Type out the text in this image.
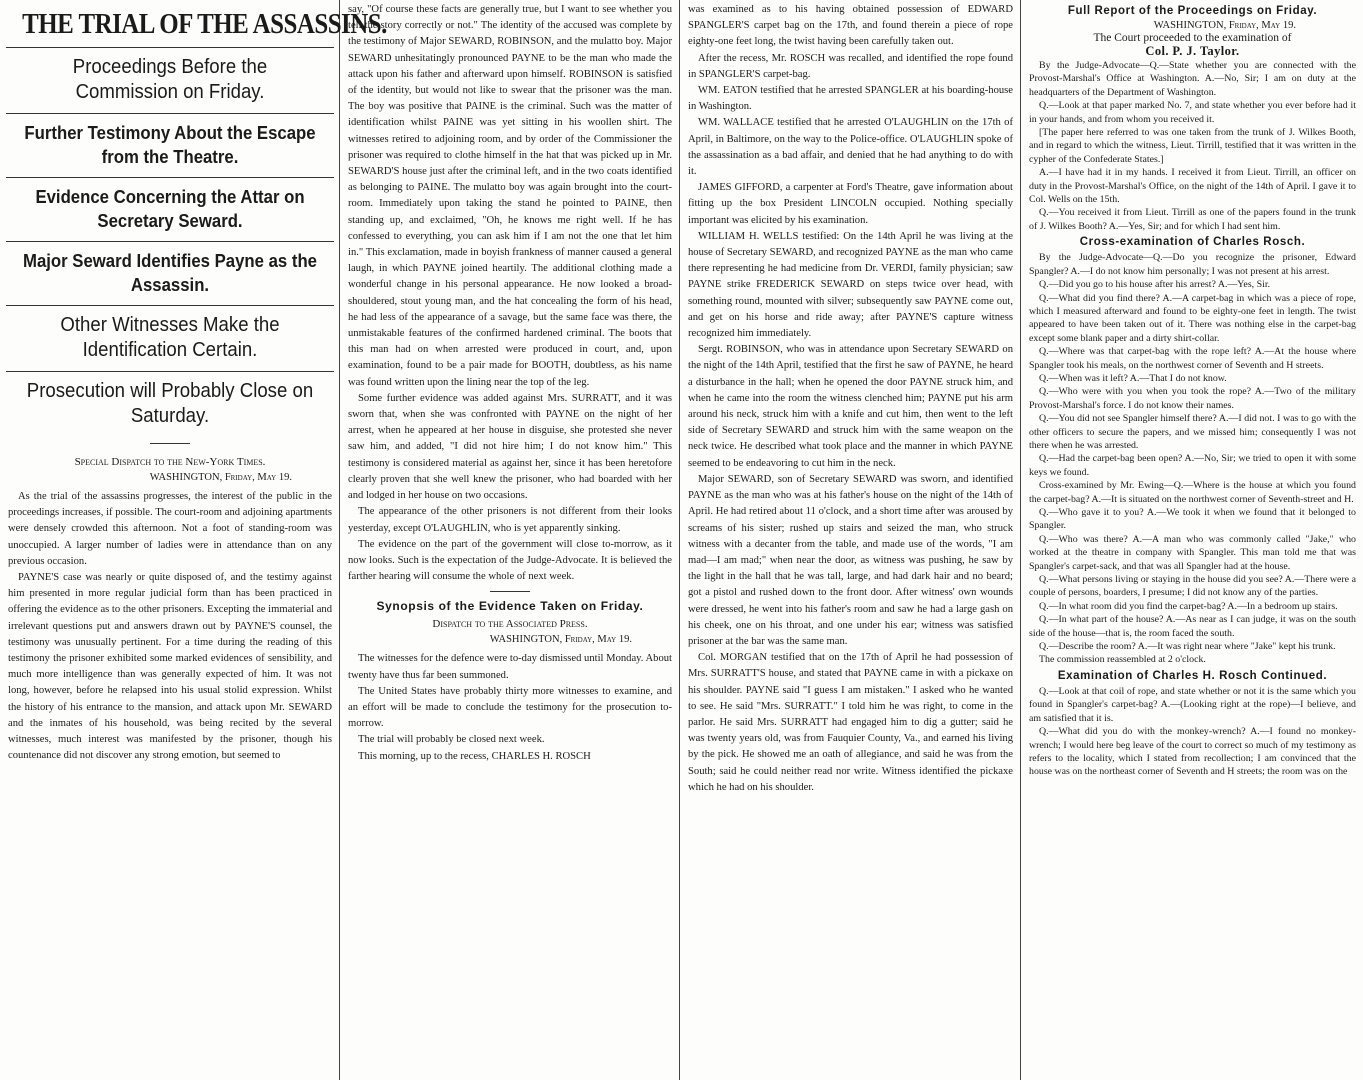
THE TRIAL OF THE ASSASSINS.
Proceedings Before the Commission on Friday.
Further Testimony About the Escape from the Theatre.
Evidence Concerning the Attar on Secretary Seward.
Major Seward Identifies Payne as the Assassin.
Other Witnesses Make the Identification Certain.
Prosecution will Probably Close on Saturday.
Special Dispatch to the New-York Times.
WASHINGTON, Friday, May 19.

As the trial of the assassins progresses, the interest of the public in the proceedings increases, if possible. The court-room and adjoining apartments were densely crowded this afternoon. Not a foot of standing-room was unoccupied. A larger number of ladies were in attendance than on any previous occasion.

PAYNE'S case was nearly or quite disposed of, and the testimy against him presented in more regular judicial form than has been practiced in offering the evidence as to the other prisoners. Excepting the immaterial and irrelevant questions put and answers drawn out by PAYNE'S counsel, the testimony was unusually pertinent. For a time during the reading of this testimony the prisoner exhibited some marked evidences of sensibility, and much more intelligence than was generally expected of him. It was not long, however, before he relapsed into his usual stolid expression. Whilst the history of his entrance to the mansion, and attack upon Mr. SEWARD and the inmates of his household, was being recited by the several witnesses, much interest was manifested by the prisoner, though his countenance did not discover any strong emotion, but seemed to

say, "Of course these facts are generally true, but I want to see whether you tell the story correctly or not." The identity of the accused was complete by the testimony of Major SEWARD, ROBINSON, and the mulatto boy. Major SEWARD unhesitatingly pronounced PAYNE to be the man who made the attack upon his father and afterward upon himself. ROBINSON is satisfied of the identity, but would not like to swear that the prisoner was the man. The boy was positive that PAINE is the criminal. Such was the matter of identification whilst PAINE was yet sitting in his woollen shirt. The witnesses retired to adjoining room, and by order of the Commissioner the prisoner was required to clothe himself in the hat that was picked up in Mr. SEWARD'S house just after the criminal left, and in the two coats identified as belonging to PAINE. The mulatto boy was again brought into the court-room. Immediately upon taking the stand he pointed to PAINE, then standing up, and exclaimed, "Oh, he knows me right well. If he has confessed to everything, you can ask him if I am not the one that let him in." This exclamation, made in boyish frankness of manner caused a general laugh, in which PAYNE joined heartily. The additional clothing made a wonderful change in his personal appearance. He now looked a broad-shouldered, stout young man, and the hat concealing the form of his head, he had less of the appearance of a savage, but the same face was there, the unmistakable features of the confirmed hardened criminal. The boots that this man had on when arrested were produced in court, and, upon examination, found to be a pair made for BOOTH, doubtless, as his name was found written upon the lining near the top of the leg.

Some further evidence was added against Mrs. SURRATT, and it was sworn that, when she was confronted with PAYNE on the night of her arrest, when he appeared at her house in disguise, she protested she never saw him, and added, "I did not hire him; I do not know him." This testimony is considered material as against her, since it has been heretofore clearly proven that she well knew the prisoner, who had boarded with her and lodged in her house on two occasions.

The appearance of the other prisoners is not different from their looks yesterday, except O'LAUGHLIN, who is yet apparently sinking.

The evidence on the part of the government will close to-morrow, as it now looks. Such is the expectation of the Judge-Advocate. It is believed the farther hearing will consume the whole of next week.

Synopsis of the Evidence Taken on Friday.
Dispatch to the Associated Press.
WASHINGTON, Friday, May 19.

The witnesses for the defence were to-day dismissed until Monday. About twenty have thus far been summoned.

The United States have probably thirty more witnesses to examine, and an effort will be made to conclude the testimony for the prosecution to-morrow.

The trial will probably be closed next week.

This morning, up to the recess, CHARLES H. ROSCH

was examined as to his having obtained possession of EDWARD SPANGLER'S carpet bag on the 17th, and found therein a piece of rope eighty-one feet long, the twist having been carefully taken out.

After the recess, Mr. ROSCH was recalled, and identified the rope found in SPANGLER'S carpet-bag.

WM. EATON testified that he arrested SPANGLER at his boarding-house in Washington.

WM. WALLACE testified that he arrested O'LAUGHLIN on the 17th of April, in Baltimore, on the way to the Police-office. O'LAUGHLIN spoke of the assassination as a bad affair, and denied that he had anything to do with it.

JAMES GIFFORD, a carpenter at Ford's Theatre, gave information about fitting up the box President LINCOLN occupied. Nothing specially important was elicited by his examination.

WILLIAM H. WELLS testified: On the 14th April he was living at the house of Secretary SEWARD, and recognized PAYNE as the man who came there representing he had medicine from Dr. VERDI, family physician; saw PAYNE strike FREDERICK SEWARD on steps twice over head, with something round, mounted with silver; subsequently saw PAYNE come out, and get on his horse and ride away; after PAYNE'S capture witness recognized him immediately.

Sergt. ROBINSON, who was in attendance upon Secretary SEWARD on the night of the 14th April, testified that the first he saw of PAYNE, he heard a disturbance in the hall; when he opened the door PAYNE struck him, and when he came into the room the witness clenched him; PAYNE put his arm around his neck, struck him with a knife and cut him, then went to the left side of Secretary SEWARD and struck him with the same weapon on the neck twice. He described what took place and the manner in which PAYNE seemed to be endeavoring to cut him in the neck.

Major SEWARD, son of Secretary SEWARD was sworn, and identified PAYNE as the man who was at his father's house on the night of the 14th of April. He had retired about 11 o'clock, and a short time after was aroused by screams of his sister; rushed up stairs and seized the man, who struck witness with a decanter from the table, and made use of the words, "I am mad—I am mad;" when near the door, as witness was pushing, he saw by the light in the hall that he was tall, large, and had dark hair and no beard; got a pistol and rushed down to the front door. After witness' own wounds were dressed, he went into his father's room and saw he had a large gash on his cheek, one on his throat, and one under his ear; witness was satisfied prisoner at the bar was the same man.

Col. MORGAN testified that on the 17th of April he had possession of Mrs. SURRATT'S house, and stated that PAYNE came in with a pickaxe on his shoulder. PAYNE said "I guess I am mistaken." I asked who he wanted to see. He said "Mrs. SURRATT." I told him he was right, to come in the parlor. He said Mrs. SURRATT had engaged him to dig a gutter; said he was twenty years old, was from Fauquier County, Va., and earned his living by the pick. He showed me an oath of allegiance, and said he was from the South; said he could neither read nor write. Witness identified the pickaxe which he had on his shoulder.

Full Report of the Proceedings on Friday.
WASHINGTON, Friday, May 19.
The Court proceeded to the examination of
Col. P. J. Taylor.

By the Judge-Advocate—Q.—State whether you are connected with the Provost-Marshal's Office at Washington. A.—No, Sir; I am on duty at the headquarters of the Department of Washington.

Q.—Look at that paper marked No. 7, and state whether you ever before had it in your hands, and from whom you received it.

[The paper here referred to was one taken from the trunk of J. Wilkes Booth, and in regard to which the witness, Lieut. Tirrill, testified that it was written in the cypher of the Confederate States.]

A.—I have had it in my hands. I received it from Lieut. Tirrill, an officer on duty in the Provost-Marshal's Office, on the night of the 14th of April. I gave it to Col. Wells on the 15th.

Q.—You received it from Lieut. Tirrill as one of the papers found in the trunk of J. Wilkes Booth? A.—Yes, Sir; and for which I had sent him.

Cross-examination of Charles Rosch.

By the Judge-Advocate—Q.—Do you recognize the prisoner, Edward Spangler? A.—I do not know him personally; I was not present at his arrest.

Q.—Did you go to his house after his arrest? A.—Yes, Sir.

Q.—What did you find there? A.—A carpet-bag in which was a piece of rope, which I measured afterward and found to be eighty-one feet in length. The twist appeared to have been taken out of it. There was nothing else in the carpet-bag except some blank paper and a dirty shirt-collar.

Q.—Where was that carpet-bag with the rope left? A.—At the house where Spangler took his meals, on the northwest corner of Seventh and H streets.

Q.—When was it left? A.—That I do not know.

Q.—Who were with you when you took the rope? A.—Two of the military Provost-Marshal's force. I do not know their names.

Q.—You did not see Spangler himself there? A.—I did not. I was to go with the other officers to secure the papers, and we missed him; consequently I was not there when he was arrested.

Q.—Had the carpet-bag been open? A.—No, Sir; we tried to open it with some keys we found.

Cross-examined by Mr. Ewing—Q.—Where is the house at which you found the carpet-bag? A.—It is situated on the northwest corner of Seventh-street and H.

Q.—Who gave it to you? A.—We took it when we found that it belonged to Spangler.

Q.—Who was there? A.—A man who was commonly called "Jake," who worked at the theatre in company with Spangler. This man told me that was Spangler's carpet-sack, and that was all Spangler had at the house.

Q.—What persons living or staying in the house did you see? A.—There were a couple of persons, boarders, I presume; I did not know any of the parties.

Q.—In what room did you find the carpet-bag? A.—In a bedroom up stairs.

Q.—In what part of the house? A.—As near as I can judge, it was on the south side of the house—that is, the room faced the south.

Q.—Describe the room? A.—It was right near where "Jake" kept his trunk.

The commission reassembled at 2 o'clock.

Examination of Charles H. Rosch Continued.

Q.—Look at that coil of rope, and state whether or not it is the same which you found in Spangler's carpet-bag? A.—(Looking right at the rope)—I believe, and am satisfied that it is.

Q.—What did you do with the monkey-wrench? A.—I found no monkey-wrench; I would here beg leave of the court to correct so much of my testimony as refers to the locality, which I stated from recollection; I am convinced that the house was on the northeast corner of Seventh and H streets; the room was on the
